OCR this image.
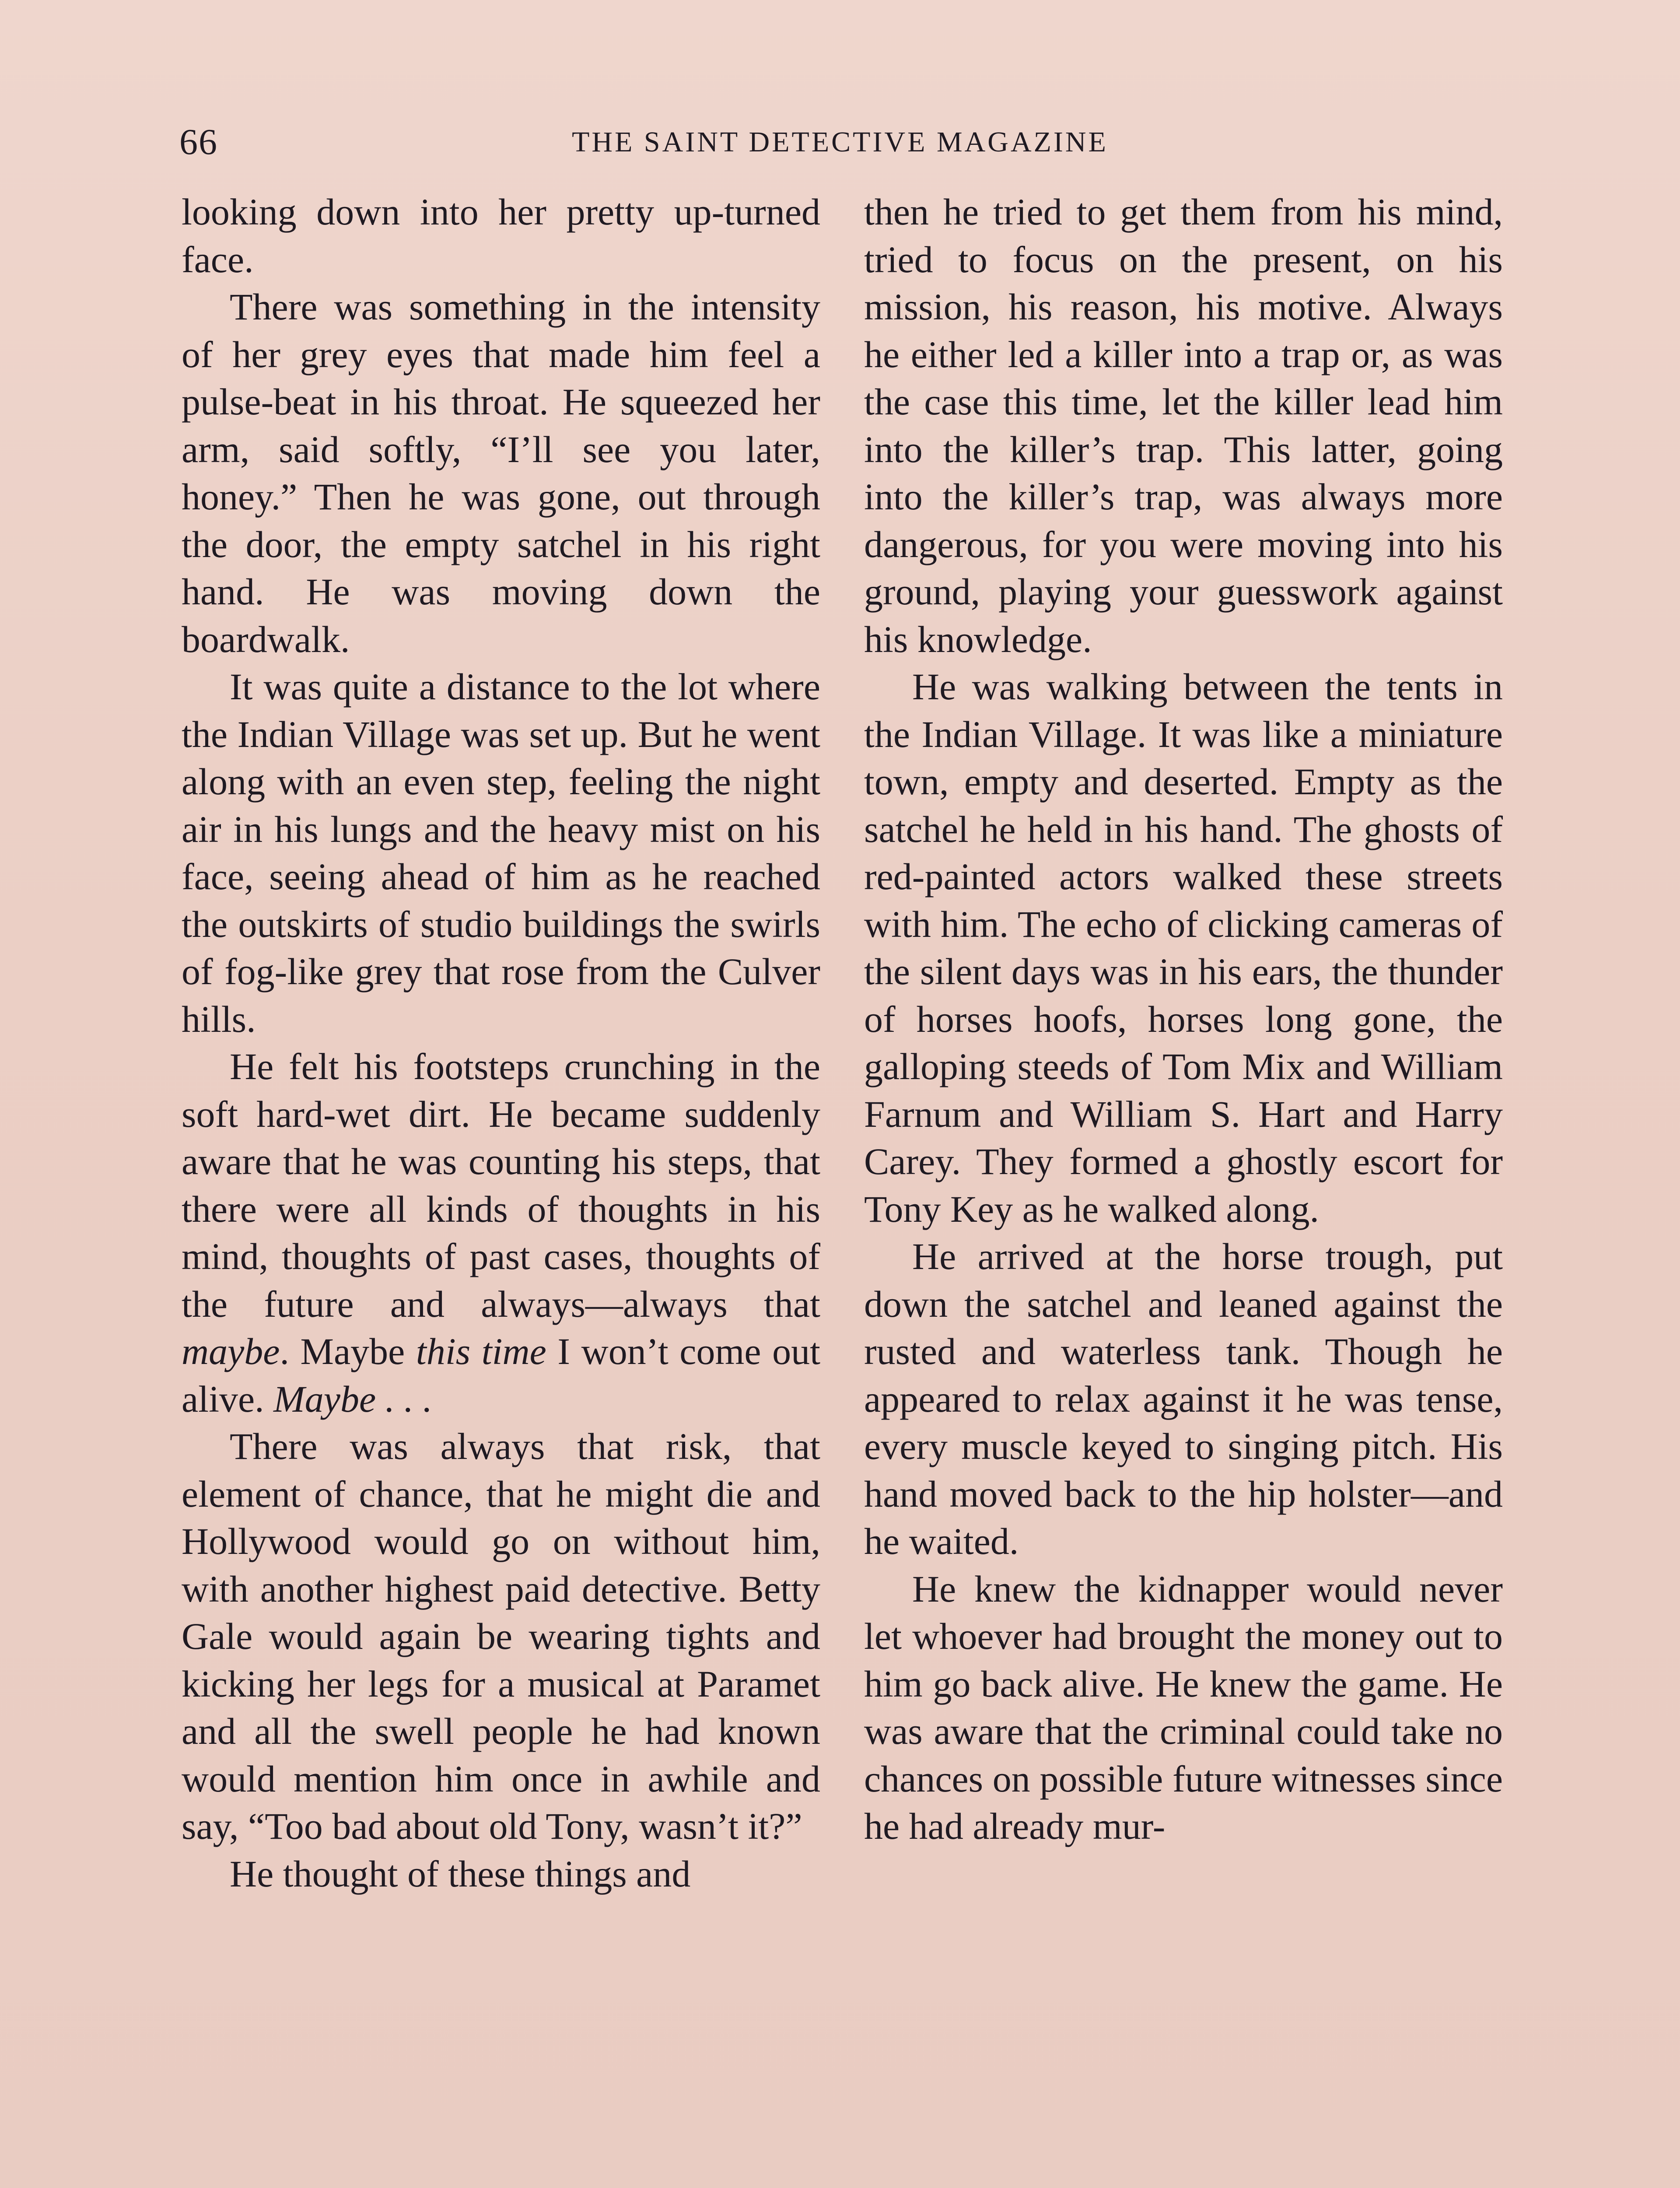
66	THE SAINT DETECTIVE MAGAZINE

looking down into her pretty up-turned face.

There was something in the intensity of her grey eyes that made him feel a pulse-beat in his throat. He squeezed her arm, said softly, “I’ll see you later, honey.” Then he was gone, out through the door, the empty satchel in his right hand. He was moving down the boardwalk.

It was quite a distance to the lot where the Indian Village was set up. But he went along with an even step, feeling the night air in his lungs and the heavy mist on his face, seeing ahead of him as he reached the outskirts of studio buildings the swirls of fog-like grey that rose from the Culver hills.

He felt his footsteps crunching in the soft hard-wet dirt. He became suddenly aware that he was counting his steps, that there were all kinds of thoughts in his mind, thoughts of past cases, thoughts of the future and always—always that maybe. Maybe this time I won’t come out alive. Maybe . . .

There was always that risk, that element of chance, that he might die and Hollywood would go on without him, with another highest paid detective. Betty Gale would again be wearing tights and kicking her legs for a musical at Paramet and all the swell people he had known would mention him once in awhile and say, “Too bad about old Tony, wasn’t it?”

He thought of these things and

then he tried to get them from his mind, tried to focus on the present, on his mission, his reason, his motive. Always he either led a killer into a trap or, as was the case this time, let the killer lead him into the killer’s trap. This latter, going into the killer’s trap, was always more dangerous, for you were moving into his ground, playing your guesswork against his knowledge.

He was walking between the tents in the Indian Village. It was like a miniature town, empty and deserted. Empty as the satchel he held in his hand. The ghosts of red-painted actors walked these streets with him. The echo of clicking cameras of the silent days was in his ears, the thunder of horses hoofs, horses long gone, the galloping steeds of Tom Mix and William Farnum and William S. Hart and Harry Carey. They formed a ghostly escort for Tony Key as he walked along.

He arrived at the horse trough, put down the satchel and leaned against the rusted and waterless tank. Though he appeared to relax against it he was tense, every muscle keyed to singing pitch. His hand moved back to the hip holster—and he waited.

He knew the kidnapper would never let whoever had brought the money out to him go back alive. He knew the game. He was aware that the criminal could take no chances on possible future witnesses since he had already mur-
